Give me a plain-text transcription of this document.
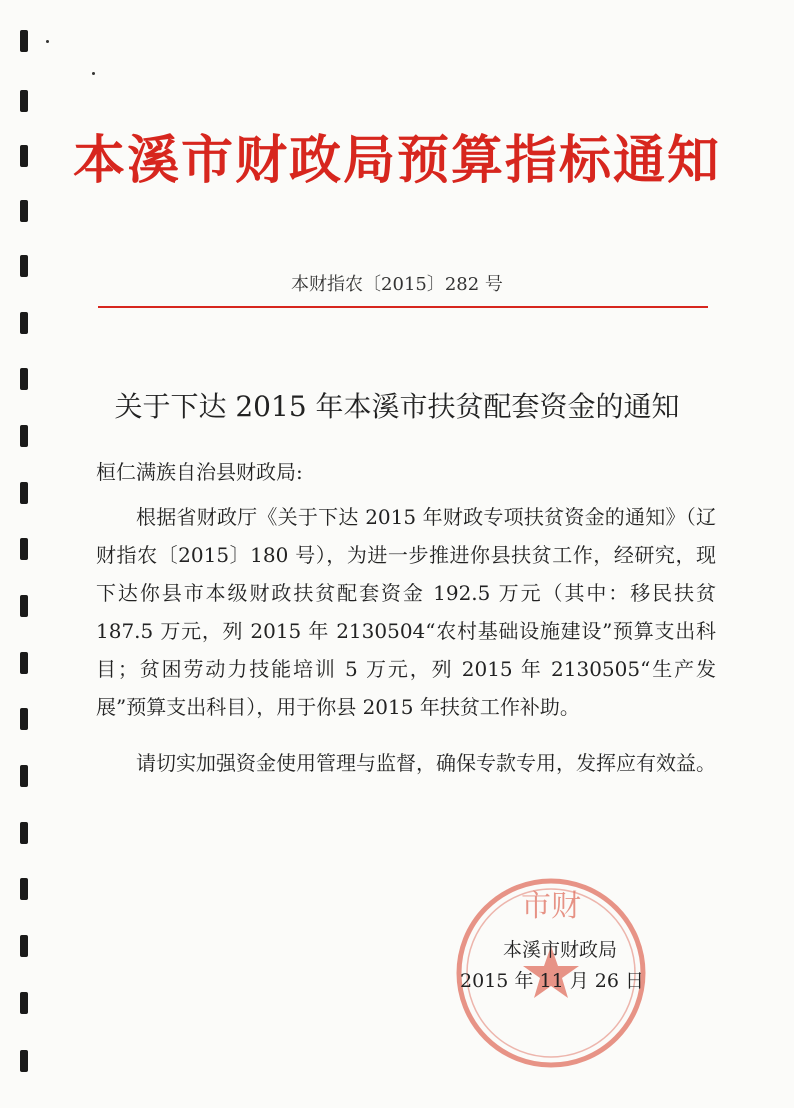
本溪市财政局预算指标通知
本财指农〔2015〕282 号
关于下达 2015 年本溪市扶贫配套资金的通知
桓仁满族自治县财政局:

根据省财政厅《关于下达 2015 年财政专项扶贫资金的通知》（辽财指农〔2015〕180 号），为进一步推进你县扶贫工作，经研究，现下达你县市本级财政扶贫配套资金 192.5 万元（其中：移民扶贫 187.5 万元，列 2015 年 2130504“农村基础设施建设”预算支出科目；贫困劳动力技能培训 5 万元，列 2015 年 2130505“生产发展”预算支出科目），用于你县 2015 年扶贫工作补助。

请切实加强资金使用管理与监督，确保专款专用，发挥应有效益。

市财
本溪市财政局
2015 年 11 月 26 日
